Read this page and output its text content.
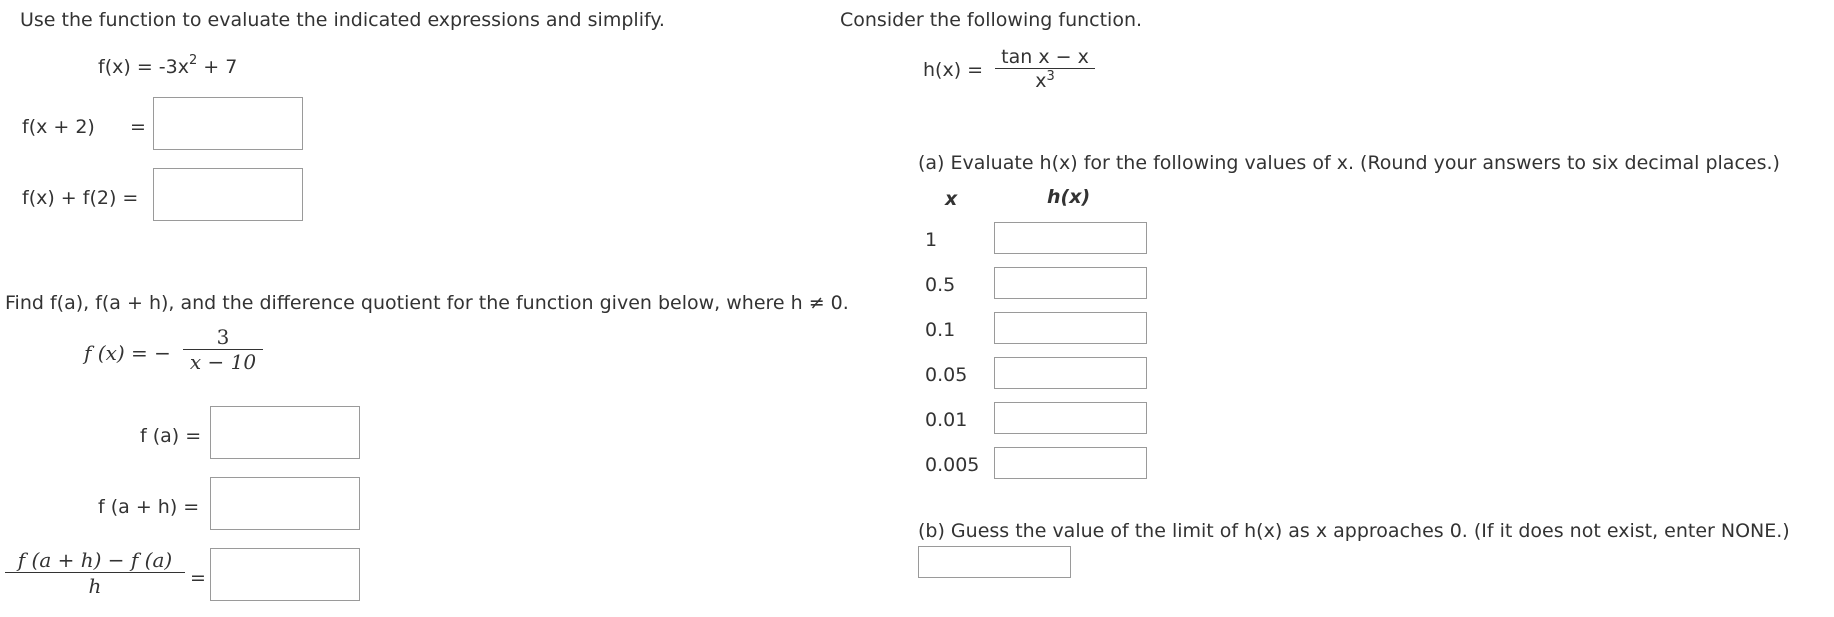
Use the function to evaluate the indicated expressions and simplify.
$f(x) = -3x^2 + 7$
f(x + 2) =
f(x) + f(2) =
Find f(a), f(a + h), and the difference quotient for the function given below, where h ≠ 0.
f (x) = −
3
x − 10
f (a) =
f (a + h) =
f (a + h) − f (a)
h	=
Consider the following function.
h(x) =
tan x − x
$x^3$
(a) Evaluate h(x) for the following values of x. (Round your answers to six decimal places.)
x	h(x)
1
0.5
0.1
0.05
0.01
0.005
(b) Guess the value of the limit of h(x) as x approaches 0. (If it does not exist, enter NONE.)
